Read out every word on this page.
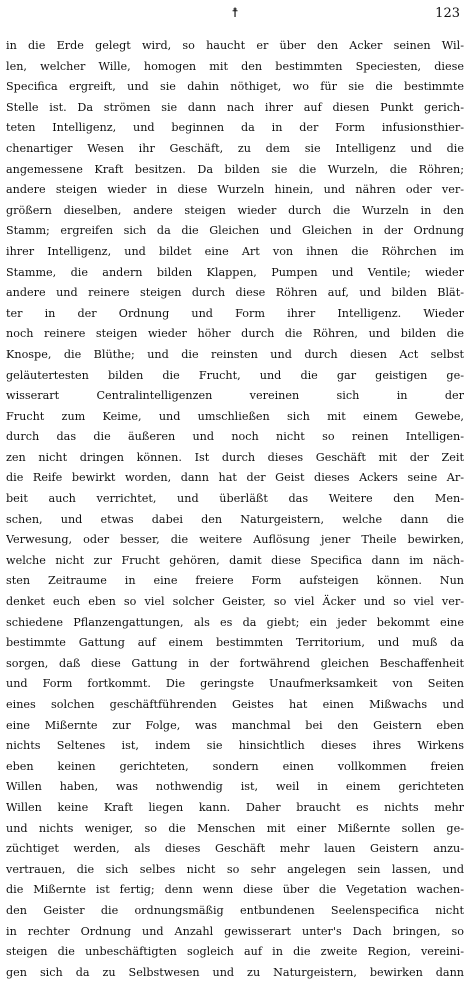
☨	123
in die Erde gelegt wird, so haucht er über den Acker seinen Wil-
len, welcher Wille, homogen mit den bestimmten Speciesten, diese
Specifica ergreift, und sie dahin nöthiget, wo für sie die bestimmte
Stelle ist. Da strömen sie dann nach ihrer auf diesen Punkt gerich-
teten Intelligenz, und beginnen da in der Form infusionsthier-
chenartiger Wesen ihr Geschäft, zu dem sie Intelligenz und die
angemessene Kraft besitzen. Da bilden sie die Wurzeln, die Röhren;
andere steigen wieder in diese Wurzeln hinein, und nähren oder ver-
größern dieselben, andere steigen wieder durch die Wurzeln in den
Stamm; ergreifen sich da die Gleichen und Gleichen in der Ordnung
ihrer Intelligenz, und bildet eine Art von ihnen die Röhrchen im
Stamme, die andern bilden Klappen, Pumpen und Ventile; wieder
andere und reinere steigen durch diese Röhren auf, und bilden Blät-
ter in der Ordnung und Form ihrer Intelligenz. Wieder
noch reinere steigen wieder höher durch die Röhren, und bilden die
Knospe, die Blüthe; und die reinsten und durch diesen Act selbst
geläutertesten bilden die Frucht, und die gar geistigen ge-
wisserart Centralintelligenzen vereinen sich in der
Frucht zum Keime, und umschließen sich mit einem Gewebe,
durch das die äußeren und noch nicht so reinen Intelligen-
zen nicht dringen können. Ist durch dieses Geschäft mit der Zeit
die Reife bewirkt worden, dann hat der Geist dieses Ackers seine Ar-
beit auch verrichtet, und überläßt das Weitere den Men-
schen, und etwas dabei den Naturgeistern, welche dann die
Verwesung, oder besser, die weitere Auflösung jener Theile bewirken,
welche nicht zur Frucht gehören, damit diese Specifica dann im näch-
sten Zeitraume in eine freiere Form aufsteigen können. Nun
denket euch eben so viel solcher Geister, so viel Äcker und so viel ver-
schiedene Pflanzengattungen, als es da giebt; ein jeder bekommt eine
bestimmte Gattung auf einem bestimmten Territorium, und muß da
sorgen, daß diese Gattung in der fortwährend gleichen Beschaffenheit
und Form fortkommt. Die geringste Unaufmerksamkeit von Seiten
eines solchen geschäftführenden Geistes hat einen Mißwachs und
eine Mißernte zur Folge, was manchmal bei den Geistern eben
nichts Seltenes ist, indem sie hinsichtlich dieses ihres Wirkens
eben keinen gerichteten, sondern einen vollkommen freien
Willen haben, was nothwendig ist, weil in einem gerichteten
Willen keine Kraft liegen kann. Daher braucht es nichts mehr
und nichts weniger, so die Menschen mit einer Mißernte sollen ge-
züchtiget werden, als dieses Geschäft mehr lauen Geistern anzu-
vertrauen, die sich selbes nicht so sehr angelegen sein lassen, und
die Mißernte ist fertig; denn wenn diese über die Vegetation wachen-
den Geister die ordnungsmäßig entbundenen Seelenspecifica nicht
in rechter Ordnung und Anzahl gewisserart unter's Dach bringen, so
steigen die unbeschäftigten sogleich auf in die zweite Region, vereini-
gen sich da zu Selbstwesen und zu Naturgeistern, bewirken dann
